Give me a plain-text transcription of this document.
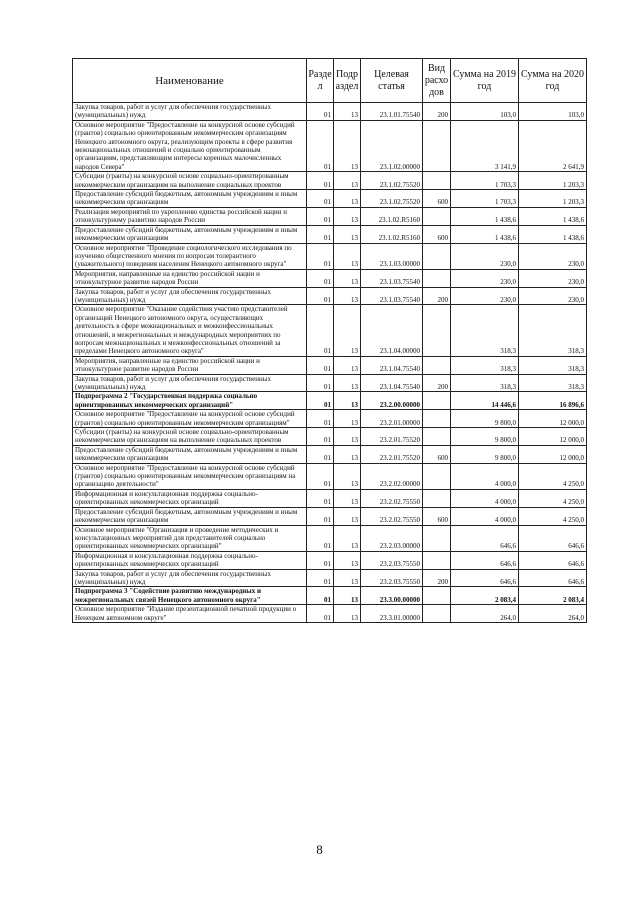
Наименование	Разде л	Подр аздел	Целевая статья	Вид расхо дов	Сумма на 2019 год	Сумма на 2020 год
Закупка товаров, работ и услуг для обеспечения государственных (муниципальных) нужд	01	13	23.1.01.75540	200	103,0	103,0
Основное мероприятие "Предоставление на конкурсной основе субсидий (грантов) социально ориентированным некоммерческим организациям Ненецкого автономного округа, реализующим проекты в сфере развития межнациональных отношений и социально ориентированным организациям, представляющим интересы коренных малочисленных народов Севера"	01	13	23.1.02.00000		3 141,9	2 641,9
Субсидии (гранты) на конкурсной основе социально-ориентированным некоммерческим организациям на выполнение социальных проектов	01	13	23.1.02.75520		1 703,3	1 203,3
Предоставление субсидий бюджетным, автономным учреждениям и иным некоммерческим организациям	01	13	23.1.02.75520	600	1 703,3	1 203,3
Реализация мероприятий по укреплению единства российской нации и этнокультурному развитию народов России	01	13	23.1.02.R5160		1 438,6	1 438,6
Предоставление субсидий бюджетным, автономным учреждениям и иным некоммерческим организациям	01	13	23.1.02.R5160	600	1 438,6	1 438,6
Основное мероприятие "Проведение социологического исследования по изучению общественного мнения по вопросам толерантного (уважительного) поведения населения Ненецкого автономного округа"	01	13	23.1.03.00000		230,0	230,0
Мероприятия, направленные на единство российской нации и этнокультурное развитие народов России	01	13	23.1.03.75540		230,0	230,0
Закупка товаров, работ и услуг для обеспечения государственных (муниципальных) нужд	01	13	23.1.03.75540	200	230,0	230,0
Основное мероприятие "Оказание содействия участию представителей организаций Ненецкого автономного округа, осуществляющих деятельность в сфере межнациональных и межконфессиональных отношений, в межрегиональных и международных мероприятиях по вопросам межнациональных и межконфессиональных отношений за пределами Ненецкого автономного округа"	01	13	23.1.04.00000		318,3	318,3
Мероприятия, направленные на единство российской нации и этнокультурное развитие народов России	01	13	23.1.04.75540		318,3	318,3
Закупка товаров, работ и услуг для обеспечения государственных (муниципальных) нужд	01	13	23.1.04.75540	200	318,3	318,3
Подпрограмма 2 "Государственная поддержка социально ориентированных некоммерческих организаций"	01	13	23.2.00.00000		14 446,6	16 896,6
Основное мероприятие "Предоставление на конкурсной основе субсидий (грантов) социально ориентированным некоммерческим организациям"	01	13	23.2.01.00000		9 800,0	12 000,0
Субсидии (гранты) на конкурсной основе социально-ориентированным некоммерческим организациям на выполнение социальных проектов	01	13	23.2.01.75520		9 800,0	12 000,0
Предоставление субсидий бюджетным, автономным учреждениям и иным некоммерческим организациям	01	13	23.2.01.75520	600	9 800,0	12 000,0
Основное мероприятие "Предоставление на конкурсной основе субсидий (грантов) социально ориентированным некоммерческим организациям на организацию деятельности"	01	13	23.2.02.00000		4 000,0	4 250,0
Информационная и консультационная поддержка социально-ориентированных некоммерческих организаций	01	13	23.2.02.75550		4 000,0	4 250,0
Предоставление субсидий бюджетным, автономным учреждениям и иным некоммерческим организациям	01	13	23.2.02.75550	600	4 000,0	4 250,0
Основное мероприятие "Организация и проведение методических и консультационных мероприятий для представителей социально ориентированных некоммерческих организаций"	01	13	23.2.03.00000		646,6	646,6
Информационная и консультационная поддержка социально-ориентированных некоммерческих организаций	01	13	23.2.03.75550		646,6	646,6
Закупка товаров, работ и услуг для обеспечения государственных (муниципальных) нужд	01	13	23.2.03.75550	200	646,6	646,6
Подпрограмма 3 "Содействие развитию международных и межрегиональных связей Ненецкого автономного округа"	01	13	23.3.00.00000		2 083,4	2 083,4
Основное мероприятие "Издание презентационной печатной продукции о Ненецком автономном округе"	01	13	23.3.01.00000		264,0	264,0
8
